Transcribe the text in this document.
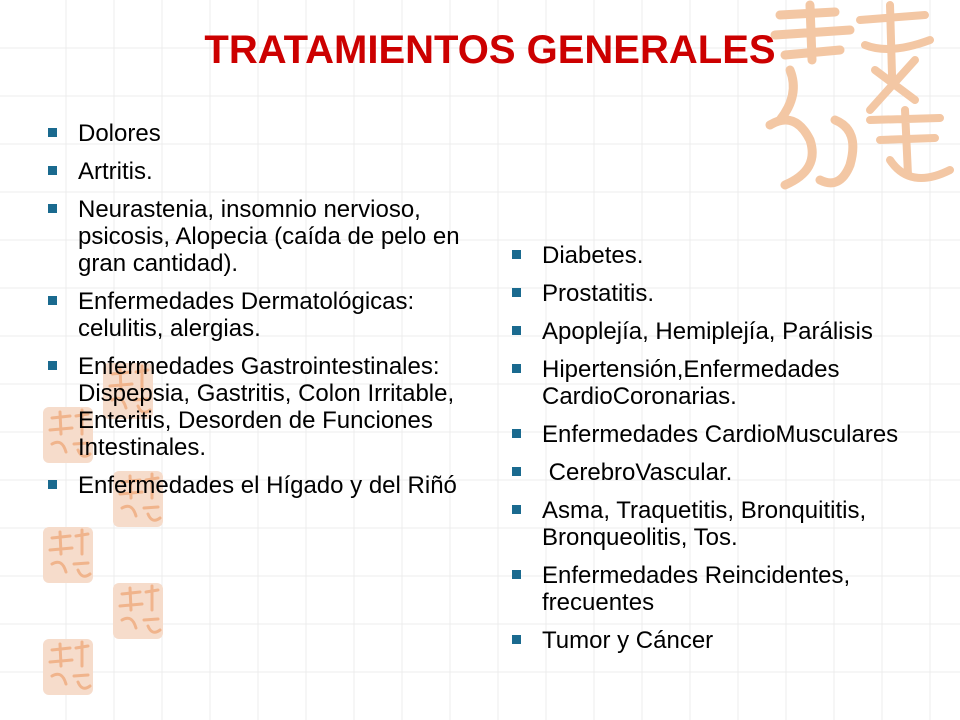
TRATAMIENTOS GENERALES
Dolores
Artritis.
Neurastenia, insomnio nervioso, psicosis, Alopecia (caída de pelo en gran cantidad).
Enfermedades Dermatológicas: celulitis, alergias.
Enfermedades Gastrointestinales: Dispepsia, Gastritis, Colon Irritable, Enteritis, Desorden de Funciones Intestinales.
Enfermedades el Hígado y del Riñó
Diabetes.
Prostatitis.
Apoplejía, Hemiplejía, Parálisis
Hipertensión,Enfermedades CardioCoronarias.
Enfermedades CardioMusculares
CerebroVascular.
Asma, Traquetitis, Bronquititis, Bronqueolitis, Tos.
Enfermedades Reincidentes, frecuentes
Tumor y Cáncer
